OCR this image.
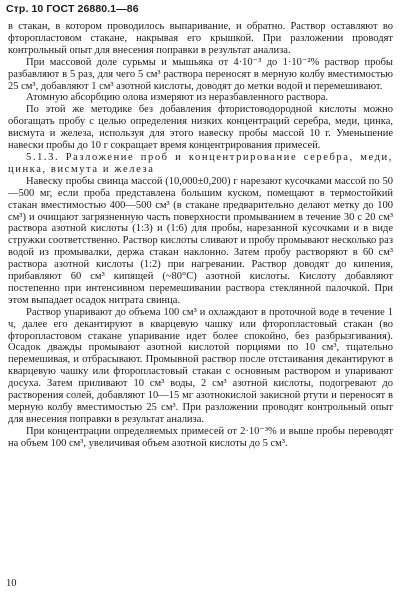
Стр. 10 ГОСТ 26880.1—86

в стакан, в котором проводилось выпаривание, и обратно. Раствор оставляют во фторопластовом стакане, накрывая его крышкой. При разложении проводят контрольный опыт для внесения поправки в результат анализа.

При массовой доле сурьмы и мышьяка от 4·10⁻³ до 1·10⁻²% раствор пробы разбавляют в 5 раз, для чего 5 см³ раствора переносят в мерную колбу вместимостью 25 см³, добавляют 1 см³ азотной кислоты, доводят до метки водой и перемешивают.

Атомную абсорбцию олова измеряют из неразбавленного раствора.

По этой же методике без добавления фтористоводородной кислоты можно обогащать пробу с целью определения низких концентраций серебра, меди, цинка, висмута и железа, используя для этого навеску пробы массой 10 г. Уменьшение навески пробы до 10 г сокращает время концентрирования примесей.

5.1.3. Разложение проб и концентрирование серебра, меди, цинка, висмута и железа

Навеску пробы свинца массой (10,000±0,200) г нарезают кусочками массой по 50—500 мг, если проба представлена большим куском, помещают в термостойкий стакан вместимостью 400—500 см³ (в стакане предварительно делают метку до 100 см³) и очищают загрязненную часть поверхности промыванием в течение 30 с 20 см³ раствора азотной кислоты (1:3) и (1:6) для пробы, нарезанной кусочками и в виде стружки соответственно. Раствор кислоты сливают и пробу промывают несколько раз водой из промывалки, держа стакан наклонно. Затем пробу растворяют в 60 см³ раствора азотной кислоты (1:2) при нагревании. Раствор доводят до кипения, прибавляют 60 см³ кипящей (~80°С) азотной кислоты. Кислоту добавляют постепенно при интенсивном перемешивании раствора стеклянной палочкой. При этом выпадает осадок нитрата свинца.

Раствор упаривают до объема 100 см³ и охлаждают в проточной воде в течение 1 ч, далее его декантируют в кварцевую чашку или фторопластовый стакан (во фторопластовом стакане упаривание идет более спокойно, без разбрызгивания). Осадок дважды промывают азотной кислотой порциями по 10 см³, тщательно перемешивая, и отбрасывают. Промывной раствор после отстаивания декантируют в кварцевую чашку или фторопластовый стакан с основным раствором и упаривают досуха. Затем приливают 10 см³ воды, 2 см³ азотной кислоты, подогревают до растворения солей, добавляют 10—15 мг азотнокислой закисной ртути и переносят в мерную колбу вместимостью 25 см³. При разложении проводят контрольный опыт для внесения поправки в результат анализа.

При концентрации определяемых примесей от 2·10⁻³% и выше пробы переводят на объем 100 см³, увеличивая объем азотной кислоты до 5 см³.

10
